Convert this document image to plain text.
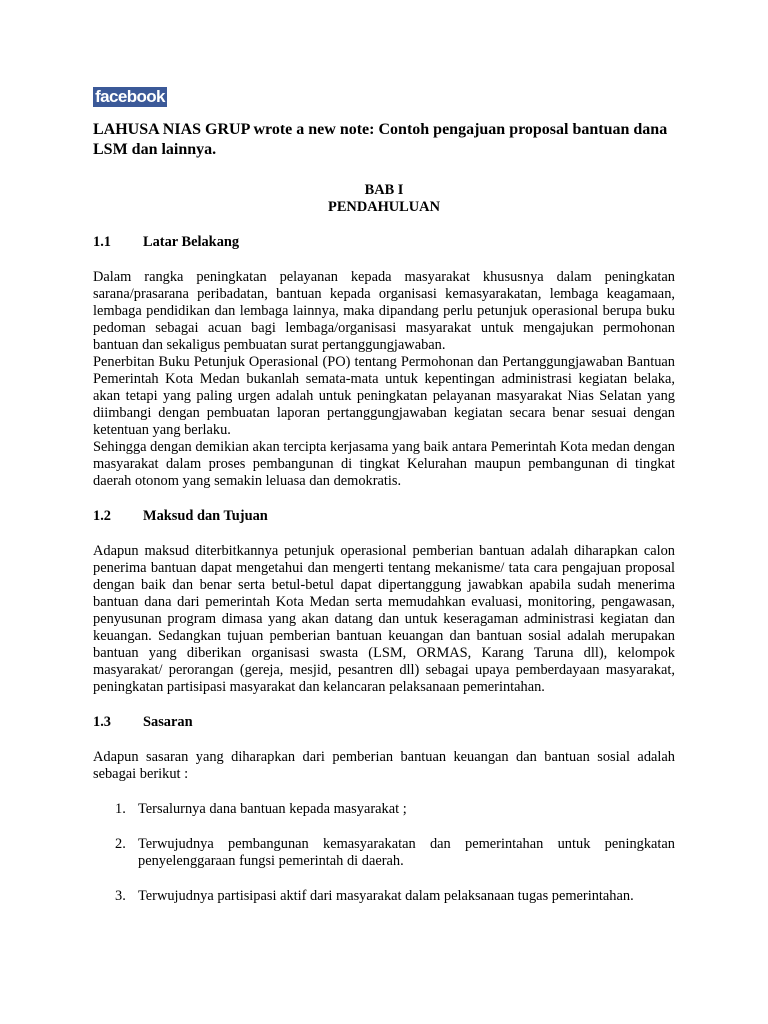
facebook

LAHUSA NIAS GRUP wrote a new note: Contoh pengajuan proposal bantuan dana LSM dan lainnya.

BAB I
PENDAHULUAN
1.1 Latar Belakang

Dalam rangka peningkatan pelayanan kepada masyarakat khususnya dalam peningkatan sarana/prasarana peribadatan, bantuan kepada organisasi kemasyarakatan, lembaga keagamaan, lembaga pendidikan dan lembaga lainnya, maka dipandang perlu petunjuk operasional berupa buku pedoman sebagai acuan bagi lembaga/organisasi masyarakat untuk mengajukan permohonan bantuan dan sekaligus pembuatan surat pertanggungjawaban.

Penerbitan Buku Petunjuk Operasional (PO) tentang Permohonan dan Pertanggungjawaban Bantuan Pemerintah Kota Medan bukanlah semata-mata untuk kepentingan administrasi kegiatan belaka, akan tetapi yang paling urgen adalah untuk peningkatan pelayanan masyarakat Nias Selatan yang diimbangi dengan pembuatan laporan pertanggungjawaban kegiatan secara benar sesuai dengan ketentuan yang berlaku.

Sehingga dengan demikian akan tercipta kerjasama yang baik antara Pemerintah Kota medan dengan masyarakat dalam proses pembangunan di tingkat Kelurahan maupun pembangunan di tingkat daerah otonom yang semakin leluasa dan demokratis.

1.2 Maksud dan Tujuan

Adapun maksud diterbitkannya petunjuk operasional pemberian bantuan adalah diharapkan calon penerima bantuan dapat mengetahui dan mengerti tentang mekanisme/ tata cara pengajuan proposal dengan baik dan benar serta betul-betul dapat dipertanggung jawabkan apabila sudah menerima bantuan dana dari pemerintah Kota Medan serta memudahkan evaluasi, monitoring, pengawasan, penyusunan program dimasa yang akan datang dan untuk keseragaman administrasi kegiatan dan keuangan. Sedangkan tujuan pemberian bantuan keuangan dan bantuan sosial adalah merupakan bantuan yang diberikan organisasi swasta (LSM, ORMAS, Karang Taruna dll), kelompok masyarakat/ perorangan (gereja, mesjid, pesantren dll) sebagai upaya pemberdayaan masyarakat, peningkatan partisipasi masyarakat dan kelancaran pelaksanaan pemerintahan.

1.3 Sasaran

Adapun sasaran yang diharapkan dari pemberian bantuan keuangan dan bantuan sosial adalah sebagai berikut :

1. Tersalurnya dana bantuan kepada masyarakat ;
2. Terwujudnya pembangunan kemasyarakatan dan pemerintahan untuk peningkatan penyelenggaraan fungsi pemerintah di daerah.
3. Terwujudnya partisipasi aktif dari masyarakat dalam pelaksanaan tugas pemerintahan.
